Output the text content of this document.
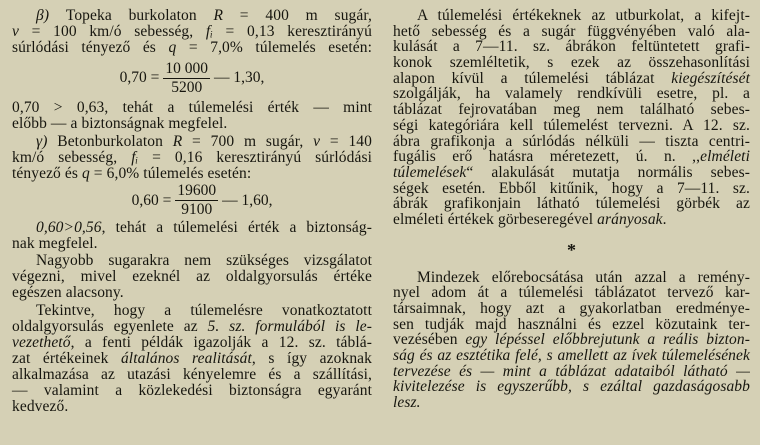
β) Topeka burkolaton R = 400 m sugár,
v = 100 km/ó sebesség, fᵢ = 0,13 keresztirányú
súrlódási tényező és q = 7,0% túlemelés esetén:
$0,70 = \frac{10 000}{5200}$ — 1,30,
0,70 > 0,63, tehát a túlemelési érték — mint
előbb — a biztonságnak megfelel.
γ) Betonburkolaton R = 700 m sugár, v = 140
km/ó sebesség, fᵢ = 0,16 keresztirányú súrlódási
tényező és q = 6,0% túlemelés esetén:
$0,60 = \frac{19600}{9100}$ — 1,60,
0,60>0,56, tehát a túlemelési érték a biztonság-
nak megfelel.
Nagyobb sugarakra nem szükséges vizsgálatot
végezni, mivel ezeknél az oldalgyorsulás értéke
egészen alacsony.
Tekintve, hogy a túlemelésre vonatkoztatott
oldalgyorsulás egyenlete az 5. sz. formulából is le-
vezethető, a fenti példák igazolják a 12. sz. táblá-
zat értékeinek általános realitását, s így azoknak
alkalmazása az utazási kényelemre és a szállítási,
— valamint a közlekedési biztonságra egyaránt
kedvező.
A túlemelési értékeknek az utburkolat, a kifejt-
hető sebesség és a sugár függvényében való ala-
kulását a 7—11. sz. ábrákon feltüntetett grafi-
konok szemléltetik, s ezek az összehasonlítási
alapon kívül a túlemelési táblázat kiegészítését
szolgálják, ha valamely rendkívüli esetre, pl. a
táblázat fejrovatában meg nem található sebes-
ségi kategóriára kell túlemelést tervezni. A 12. sz.
ábra grafikonja a súrlódás nélküli — tiszta centri-
fugális erő hatásra méretezett, ú. n. ,,elméleti
túlemelések“ alakulását mutatja normális sebes-
ségek esetén. Ebből kitűnik, hogy a 7—11. sz.
ábrák grafikonjain látható túlemelési görbék az
elméleti értékek görbeseregével arányosak.
*
Mindezek előrebocsátása után azzal a remény-
nyel adom át a túlemelési táblázatot tervező kar-
társaimnak, hogy azt a gyakorlatban eredménye-
sen tudják majd használni és ezzel közutaink ter-
vezésében egy lépéssel előbbrejutunk a reális bizton-
ság és az esztétika felé, s amellett az ívek túlemelésének
tervezése és — mint a táblázat adataiból látható —
kivitelezése is egyszerűbb, s ezáltal gazdaságosabb
lesz.
